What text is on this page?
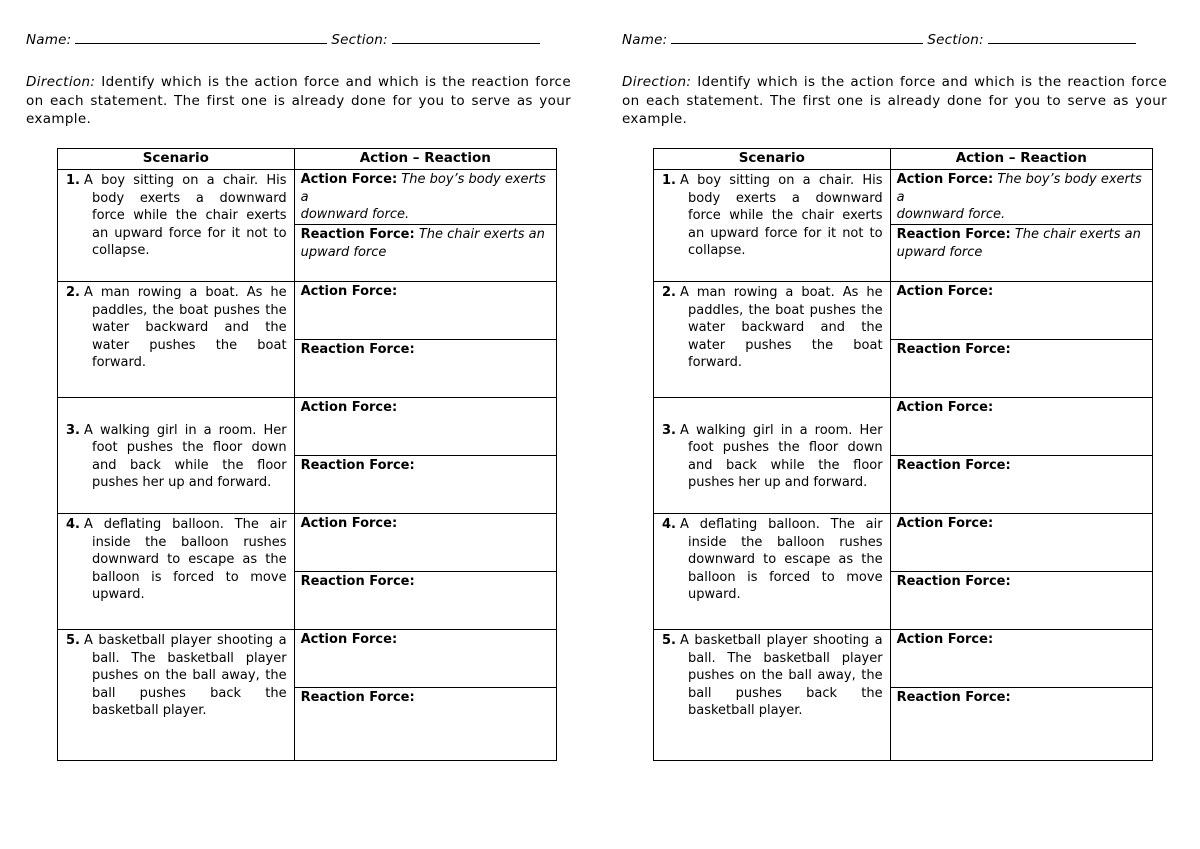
Name:	Section:
Direction: Identify which is the action force and which is the reaction force on each statement. The first one is already done for you to serve as your example.
Scenario	Action – Reaction
1. A boy sitting on a chair. His body exerts a downward force while the chair exerts an upward force for it not to collapse.	Action Force: The boy’s body exerts a
downward force.
	Reaction Force: The chair exerts an
upward force
2. A man rowing a boat. As he paddles, the boat pushes the water backward and the water pushes the boat forward.	Action Force:
	Reaction Force:
3. A walking girl in a room. Her foot pushes the floor down and back while the floor pushes her up and forward.	Action Force:
	Reaction Force:
4. A deflating balloon. The air inside the balloon rushes downward to escape as the balloon is forced to move upward.	Action Force:
	Reaction Force:
5. A basketball player shooting a ball. The basketball player pushes on the ball away, the ball pushes back the basketball player.	Action Force:
	Reaction Force:
Name:	Section:
Direction: Identify which is the action force and which is the reaction force on each statement. The first one is already done for you to serve as your example.
Scenario	Action – Reaction
1. A boy sitting on a chair. His body exerts a downward force while the chair exerts an upward force for it not to collapse.	Action Force: The boy’s body exerts a
downward force.
	Reaction Force: The chair exerts an
upward force
2. A man rowing a boat. As he paddles, the boat pushes the water backward and the water pushes the boat forward.	Action Force:
	Reaction Force:
3. A walking girl in a room. Her foot pushes the floor down and back while the floor pushes her up and forward.	Action Force:
	Reaction Force:
4. A deflating balloon. The air inside the balloon rushes downward to escape as the balloon is forced to move upward.	Action Force:
	Reaction Force:
5. A basketball player shooting a ball. The basketball player pushes on the ball away, the ball pushes back the basketball player.	Action Force:
	Reaction Force:
